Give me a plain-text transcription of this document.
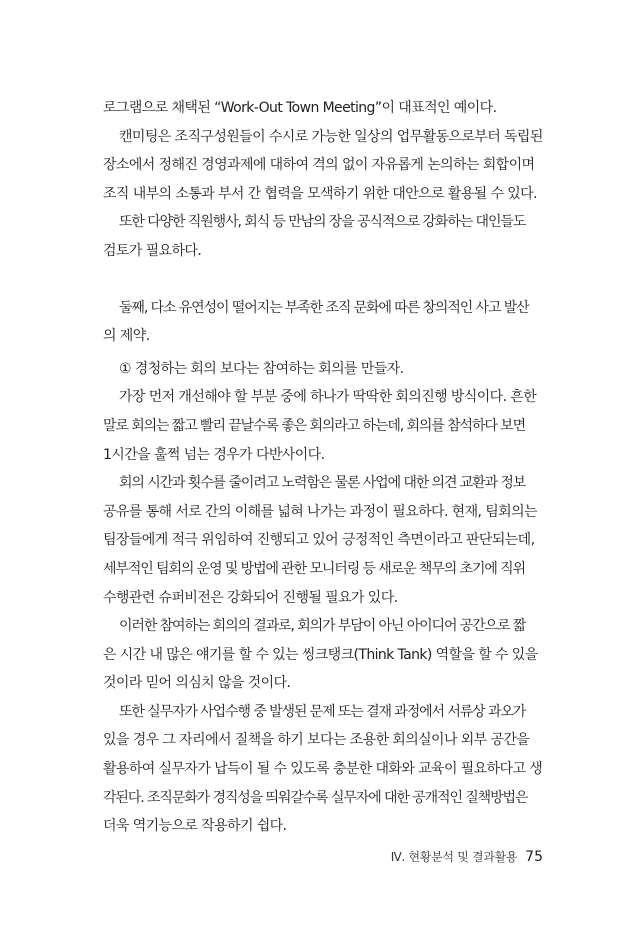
로그램으로 채택된 “Work-Out Town Meeting”이 대표적인 예이다.
캔미팅은 조직구성원들이 수시로 가능한 일상의 업무활동으로부터 독립된
장소에서 정해진 경영과제에 대하여 격의 없이 자유롭게 논의하는 회합이며
조직 내부의 소통과 부서 간 협력을 모색하기 위한 대안으로 활용될 수 있다.
또한 다양한 직원행사, 회식 등 만남의 장을 공식적으로 강화하는 대인들도
검토가 필요하다.
둘째, 다소 유연성이 떨어지는 부족한 조직 문화에 따른 창의적인 사고 발산
의 제약.
① 경청하는 회의 보다는 참여하는 회의를 만들자.
가장 먼저 개선해야 할 부분 중에 하나가 딱딱한 회의진행 방식이다. 흔한
말로 회의는 짧고 빨리 끝날수록 좋은 회의라고 하는데, 회의를 참석하다 보면
1시간을 훌쩍 넘는 경우가 다반사이다.
회의 시간과 횟수를 줄이려고 노력함은 물론 사업에 대한 의견 교환과 정보
공유를 통해 서로 간의 이해를 넓혀 나가는 과정이 필요하다. 현재, 팀회의는
팀장들에게 적극 위임하여 진행되고 있어 긍정적인 측면이라고 판단되는데,
세부적인 팀회의 운영 및 방법에 관한 모니터링 등 새로운 책무의 초기에 직위
수행관련 슈퍼비전은 강화되어 진행될 필요가 있다.
이러한 참여하는 회의의 결과로, 회의가 부담이 아닌 아이디어 공간으로 짧
은 시간 내 많은 얘기를 할 수 있는 씽크탱크(Think Tank) 역할을 할 수 있을
것이라 믿어 의심치 않을 것이다.
또한 실무자가 사업수행 중 발생된 문제 또는 결재 과정에서 서류상 과오가
있을 경우 그 자리에서 질책을 하기 보다는 조용한 회의실이나 외부 공간을
활용하여 실무자가 납득이 될 수 있도록 충분한 대화와 교육이 필요하다고 생
각된다. 조직문화가 경직성을 띄워갈수록 실무자에 대한 공개적인 질책방법은
더욱 역기능으로 작용하기 쉽다.
Ⅳ. 현황분석 및 결과활용 75
